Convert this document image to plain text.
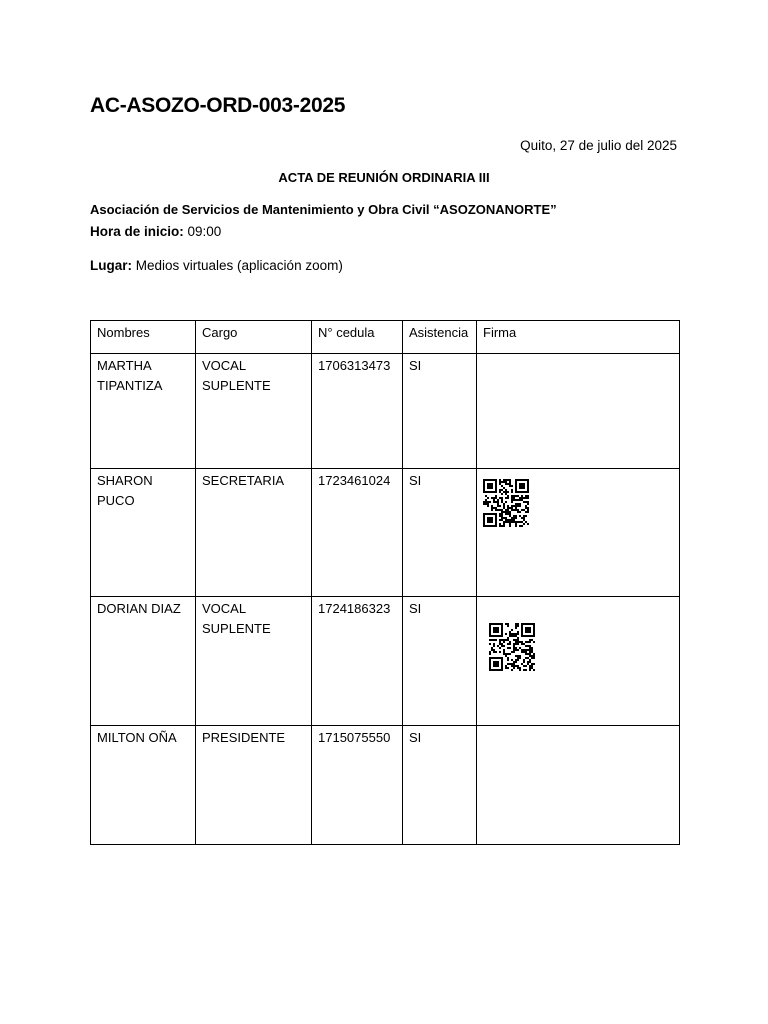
AC-ASOZO-ORD-003-2025
Quito, 27 de julio del 2025
ACTA DE REUNIÓN ORDINARIA III
Asociación de Servicios de Mantenimiento y Obra Civil “ASOZONANORTE”
Hora de inicio: 09:00
Lugar: Medios virtuales (aplicación zoom)
Nombres	Cargo	N° cedula	Asistencia	Firma

MARTHA TIPANTIZA	VOCAL SUPLENTE	1706313473	SI	

SHARON PUCO	SECRETARIA	1723461024	SI	

DORIAN DIAZ	VOCAL SUPLENTE	1724186323	SI	

MILTON OÑA	PRESIDENTE	1715075550	SI	
